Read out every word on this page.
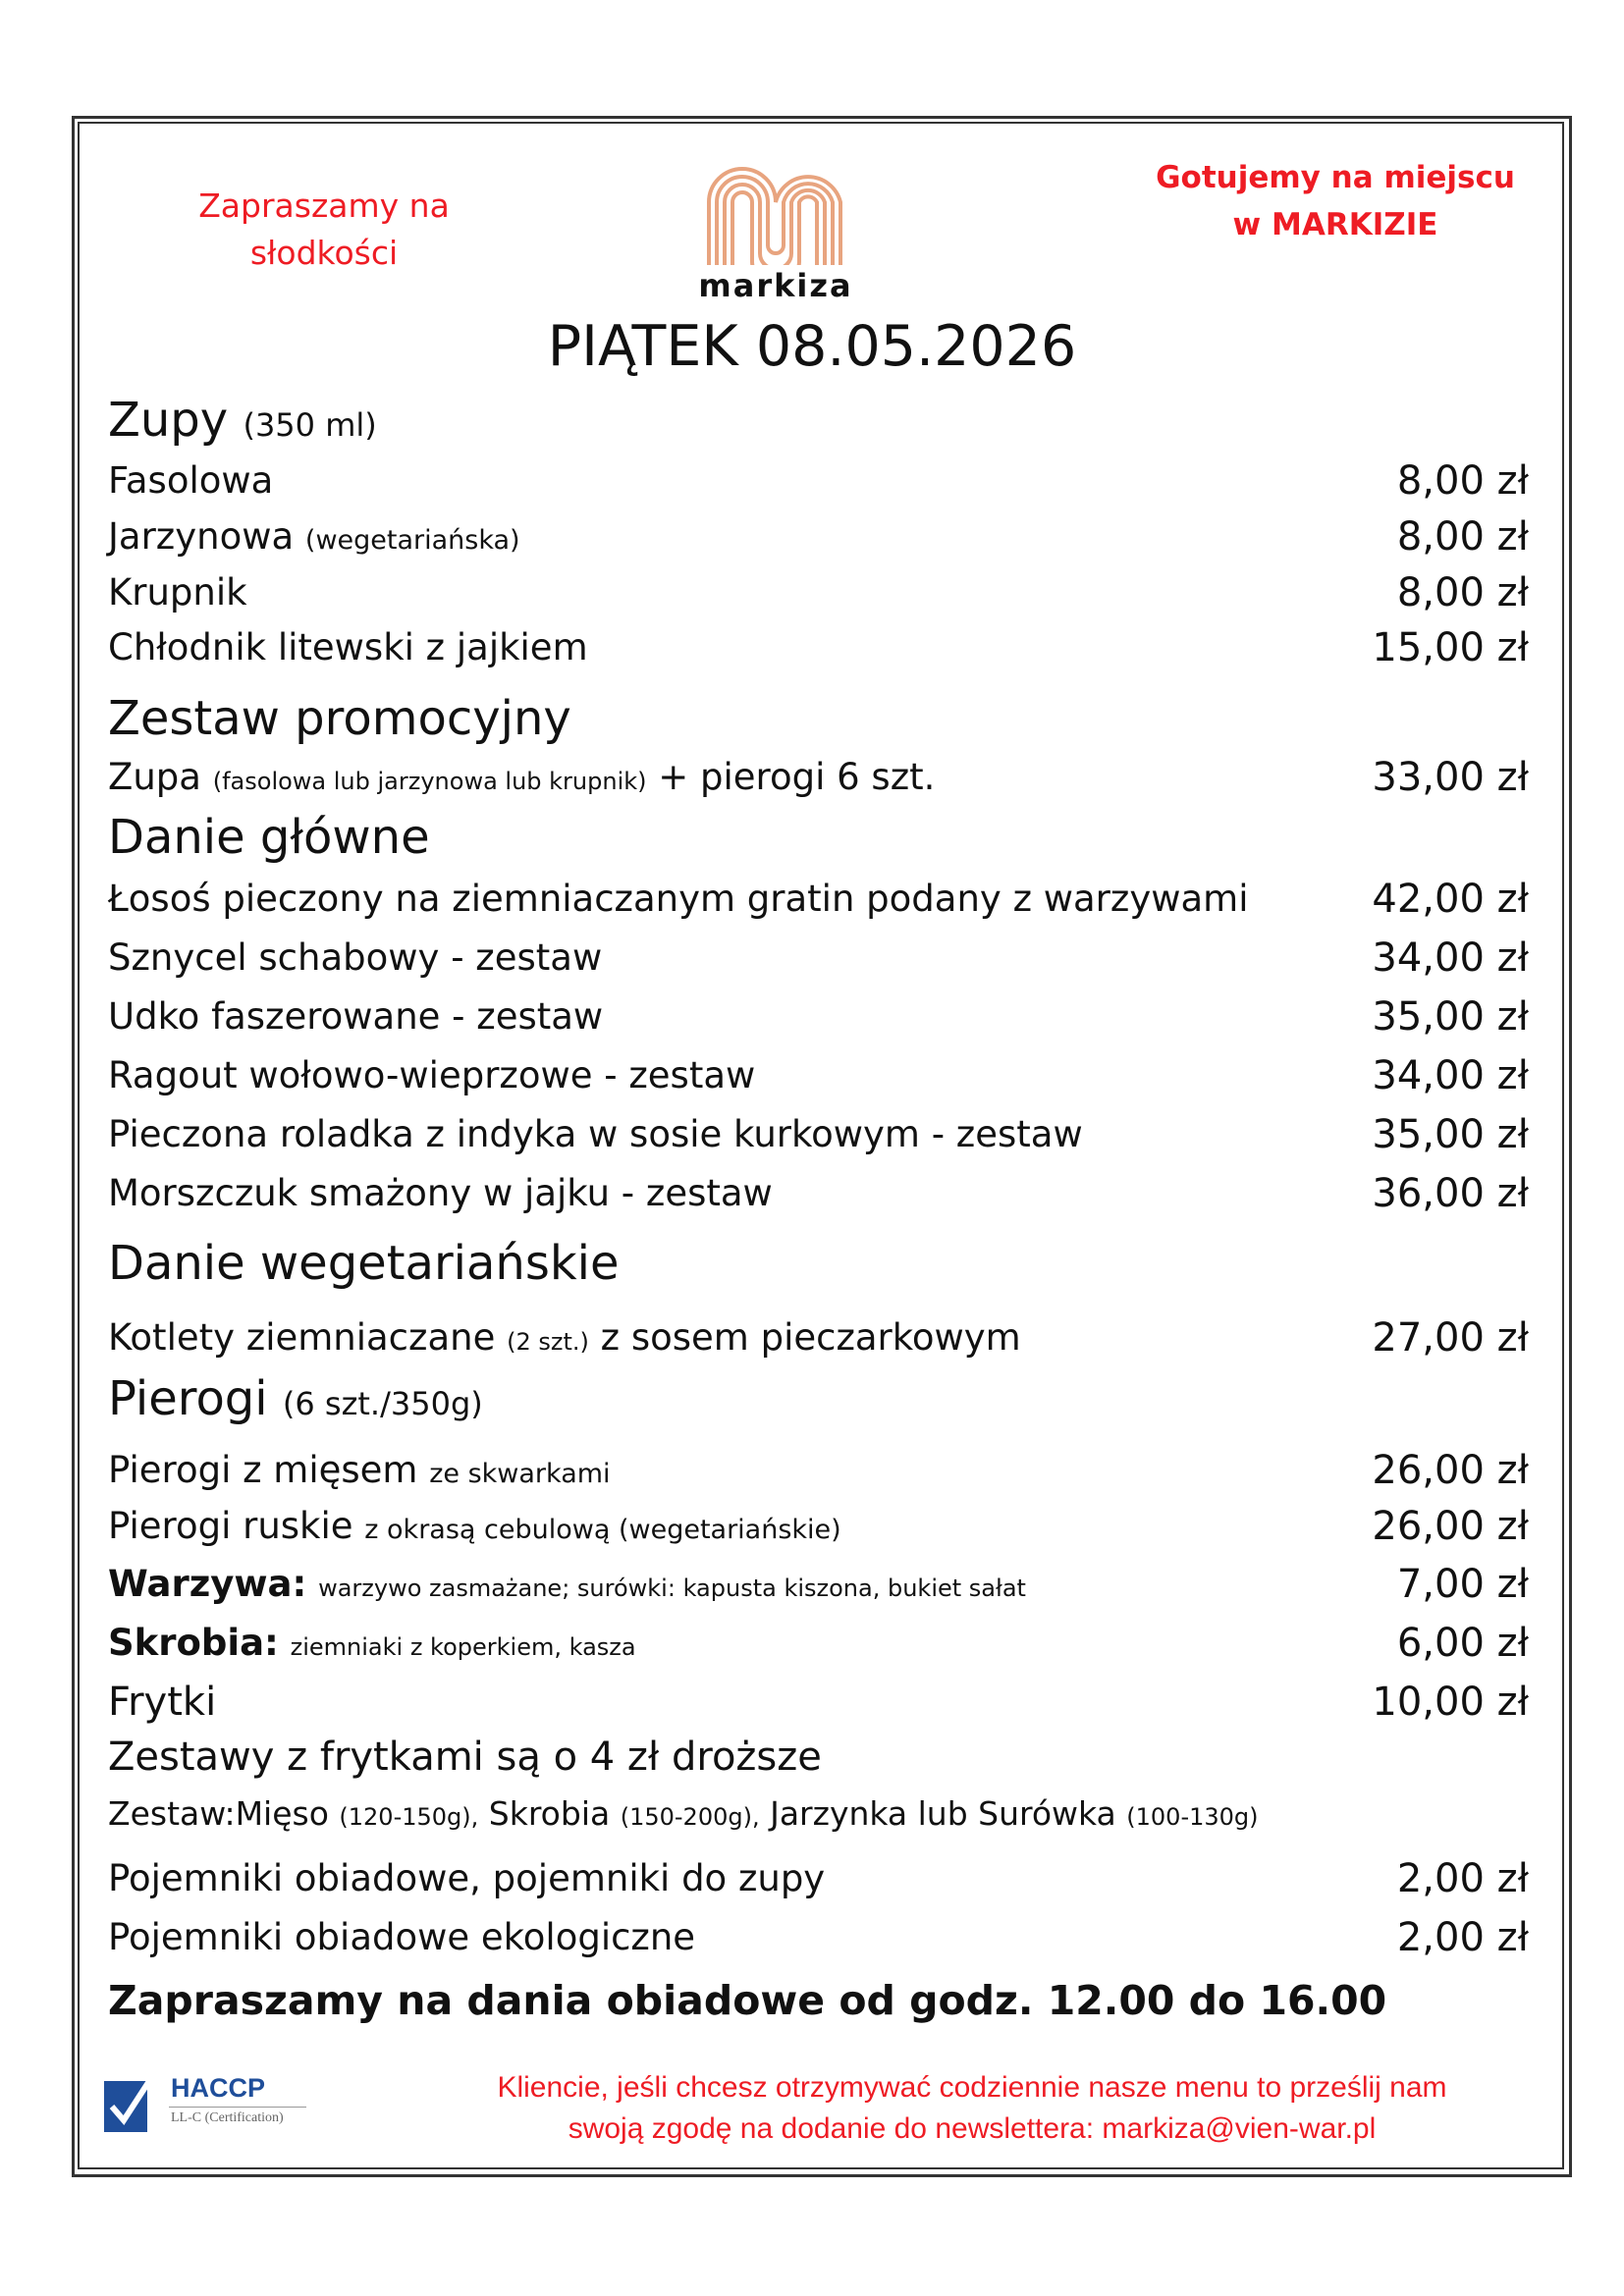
Zapraszamy na
słodkości
markiza
Gotujemy na miejscu
w MARKIZIE
PIĄTEK 08.05.2026
Zupy (350 ml)
Fasolowa	8,00 zł
Jarzynowa (wegetariańska)	8,00 zł
Krupnik	8,00 zł
Chłodnik litewski z jajkiem	15,00 zł
Zestaw promocyjny
Zupa (fasolowa lub jarzynowa lub krupnik) + pierogi 6 szt.	33,00 zł
Danie główne
Łosoś pieczony na ziemniaczanym gratin podany z warzywami	42,00 zł
Sznycel schabowy - zestaw	34,00 zł
Udko faszerowane - zestaw	35,00 zł
Ragout wołowo-wieprzowe - zestaw	34,00 zł
Pieczona roladka z indyka w sosie kurkowym - zestaw	35,00 zł
Morszczuk smażony w jajku - zestaw	36,00 zł
Danie wegetariańskie
Kotlety ziemniaczane (2 szt.) z sosem pieczarkowym	27,00 zł
Pierogi (6 szt./350g)
Pierogi z mięsem ze skwarkami	26,00 zł
Pierogi ruskie z okrasą cebulową (wegetariańskie)	26,00 zł
Warzywa: warzywo zasmażane; surówki: kapusta kiszona, bukiet sałat	7,00 zł
Skrobia: ziemniaki z koperkiem, kasza	6,00 zł
Frytki	10,00 zł
Zestawy z frytkami są o 4 zł droższe
Zestaw:Mięso (120-150g), Skrobia (150-200g), Jarzynka lub Surówka (100-130g)
Pojemniki obiadowe, pojemniki do zupy	2,00 zł
Pojemniki obiadowe ekologiczne	2,00 zł
Zapraszamy na dania obiadowe od godz. 12.00 do 16.00
HACCP
LL-C (Certification)
Kliencie, jeśli chcesz otrzymywać codziennie nasze menu to prześlij nam
swoją zgodę na dodanie do newslettera: markiza@vien-war.pl
